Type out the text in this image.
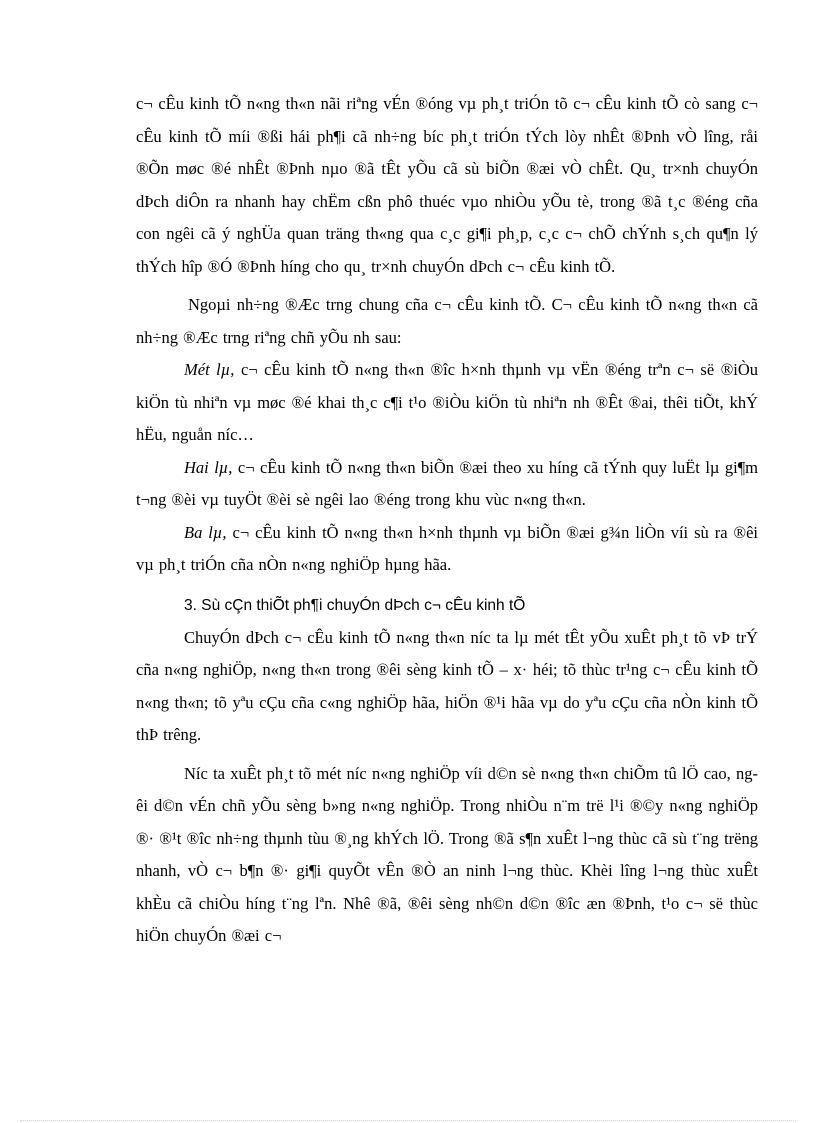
c¬ cÊu kinh tÕ n«ng th«n nãi riªng vÉn ®óng vµ ph¸t triÓn tõ c¬ cÊu kinh tÕ cò sang c¬ cÊu kinh tÕ míi ®ßi hái ph¶i cã nh÷ng bíc ph¸t triÓn tÝch lòy nhÊt ®Þnh vÒ lîng, råi ®Õn møc ®é nhÊt ®Þnh nµo ®ã tÊt yÕu cã sù biÕn ®æi vÒ chÊt. Qu¸ tr×nh chuyÓn dÞch diÔn ra nhanh hay chËm cßn phô thuéc vµo nhiÒu yÕu tè, trong ®ã t¸c ®éng cña con ngêi cã ý nghÜa quan träng th«ng qua c¸c gi¶i ph¸p, c¸c c¬ chÕ chÝnh s¸ch qu¶n lý thÝch hîp ®Ó ®Þnh híng cho qu¸ tr×nh chuyÓn dÞch c¬ cÊu kinh tÕ.

Ngoµi nh÷ng ®Æc trng chung cña c¬ cÊu kinh tÕ. C¬ cÊu kinh tÕ n«ng th«n cã nh÷ng ®Æc trng riªng chñ yÕu nh sau:

Mét lµ, c¬ cÊu kinh tÕ n«ng th«n ®îc h×nh thµnh vµ vËn ®éng trªn c¬ së ®iÒu kiÖn tù nhiªn vµ møc ®é khai th¸c c¶i t¹o ®iÒu kiÖn tù nhiªn nh ®Êt ®ai, thêi tiÕt, khÝ hËu, nguån níc…

Hai lµ, c¬ cÊu kinh tÕ n«ng th«n biÕn ®æi theo xu híng cã tÝnh quy luËt lµ gi¶m t¬ng ®èi vµ tuyÖt ®èi sè ngêi lao ®éng trong khu vùc n«ng th«n.

Ba lµ, c¬ cÊu kinh tÕ n«ng th«n h×nh thµnh vµ biÕn ®æi g¾n liÒn víi sù ra ®êi vµ ph¸t triÓn cña nÒn n«ng nghiÖp hµng hãa.

3. Sù cÇn thiÕt ph¶i chuyÓn dÞch c¬ cÊu kinh tÕ

ChuyÓn dÞch c¬ cÊu kinh tÕ n«ng th«n níc ta lµ mét tÊt yÕu xuÊt ph¸t tõ vÞ trÝ cña n«ng nghiÖp, n«ng th«n trong ®êi sèng kinh tÕ – x· héi; tõ thùc tr¹ng c¬ cÊu kinh tÕ n«ng th«n; tõ yªu cÇu cña c«ng nghiÖp hãa, hiÖn ®¹i hãa vµ do yªu cÇu cña nÒn kinh tÕ thÞ trêng.

Níc ta xuÊt ph¸t tõ mét níc n«ng nghiÖp víi d©n sè n«ng th«n chiÕm tû lÖ cao, ngêi d©n vÉn chñ yÕu sèng b»ng n«ng nghiÖp. Trong nhiÒu n¨m trë l¹i ®©y n«ng nghiÖp ®· ®¹t ®îc nh÷ng thµnh tùu ®¸ng khÝch lÖ. Trong ®ã s¶n xuÊt l¬ng thùc cã sù t¨ng trëng nhanh, vÒ c¬ b¶n ®· gi¶i quyÕt vÊn ®Ò an ninh l¬ng thùc. Khèi lîng l¬ng thùc xuÊt khÈu cã chiÒu híng t¨ng lªn. Nhê ®ã, ®êi sèng nh©n d©n ®îc æn ®Þnh, t¹o c¬ së thùc hiÖn chuyÓn ®æi c¬
